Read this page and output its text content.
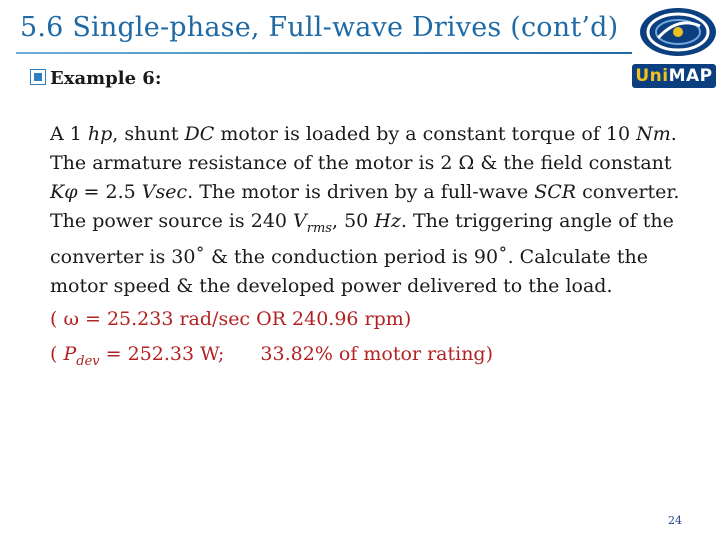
5.6 Single-phase, Full-wave Drives (cont’d)
UniMAP
Example 6:

A 1 hp, shunt DC motor is loaded by a constant torque of 10 Nm. The armature resistance of the motor is 2 Ω & the field constant Kφ = 2.5 Vsec. The motor is driven by a full-wave SCR converter. The power source is 240 $V_{rms}$, 50 Hz. The triggering angle of the converter is 30˚ & the conduction period is 90˚. Calculate the motor speed & the developed power delivered to the load.

( ω = 25.233 rad/sec OR 240.96 rpm)

( $P_{dev} = 252.33$ W; 33.82% of motor rating)

24
